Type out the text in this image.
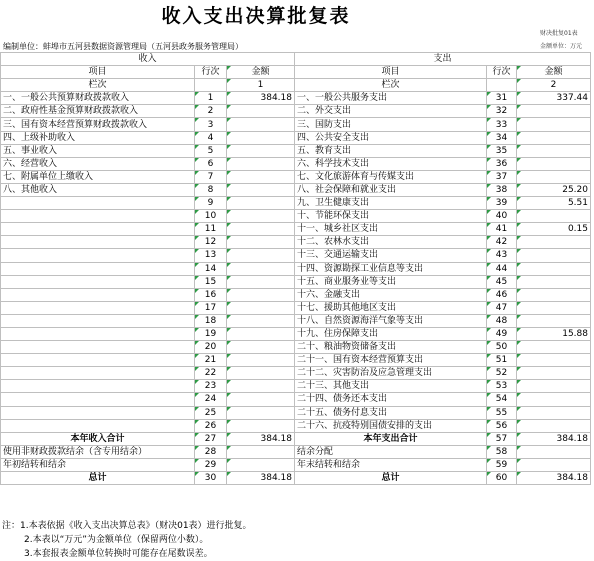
收入支出决算批复表
财决批复01表
编制单位：蚌埠市五河县数据资源管理局（五河县政务服务管理局）	金额单位：万元
收入			支出		
项目	行次	金额	项目	行次	金额
栏次		1	栏次		2
一、一般公共预算财政拨款收入	1	384.18	一、一般公共服务支出	31	337.44
二、政府性基金预算财政拨款收入	2		二、外交支出	32	
三、国有资本经营预算财政拨款收入	3		三、国防支出	33	
四、上级补助收入	4		四、公共安全支出	34	
五、事业收入	5		五、教育支出	35	
六、经营收入	6		六、科学技术支出	36	
七、附属单位上缴收入	7		七、文化旅游体育与传媒支出	37	
八、其他收入	8		八、社会保障和就业支出	38	25.20
	9		九、卫生健康支出	39	5.51
	10		十、节能环保支出	40	
	11		十一、城乡社区支出	41	0.15
	12		十二、农林水支出	42	
	13		十三、交通运输支出	43	
	14		十四、资源勘探工业信息等支出	44	
	15		十五、商业服务业等支出	45	
	16		十六、金融支出	46	
	17		十七、援助其他地区支出	47	
	18		十八、自然资源海洋气象等支出	48	
	19		十九、住房保障支出	49	15.88
	20		二十、粮油物资储备支出	50	
	21		二十一、国有资本经营预算支出	51	
	22		二十二、灾害防治及应急管理支出	52	
	23		二十三、其他支出	53	
	24		二十四、债务还本支出	54	
	25		二十五、债务付息支出	55	
	26		二十六、抗疫特别国债安排的支出	56	
本年收入合计	27	384.18	本年支出合计	57	384.18
使用非财政拨款结余（含专用结余）	28		结余分配	58	
年初结转和结余	29		年末结转和结余	59	
总计	30	384.18	总计	60	384.18
注：1.本表依据《收入支出决算总表》（财决01表）进行批复。
2.本表以“万元”为金额单位（保留两位小数）。
3.本套报表金额单位转换时可能存在尾数误差。
